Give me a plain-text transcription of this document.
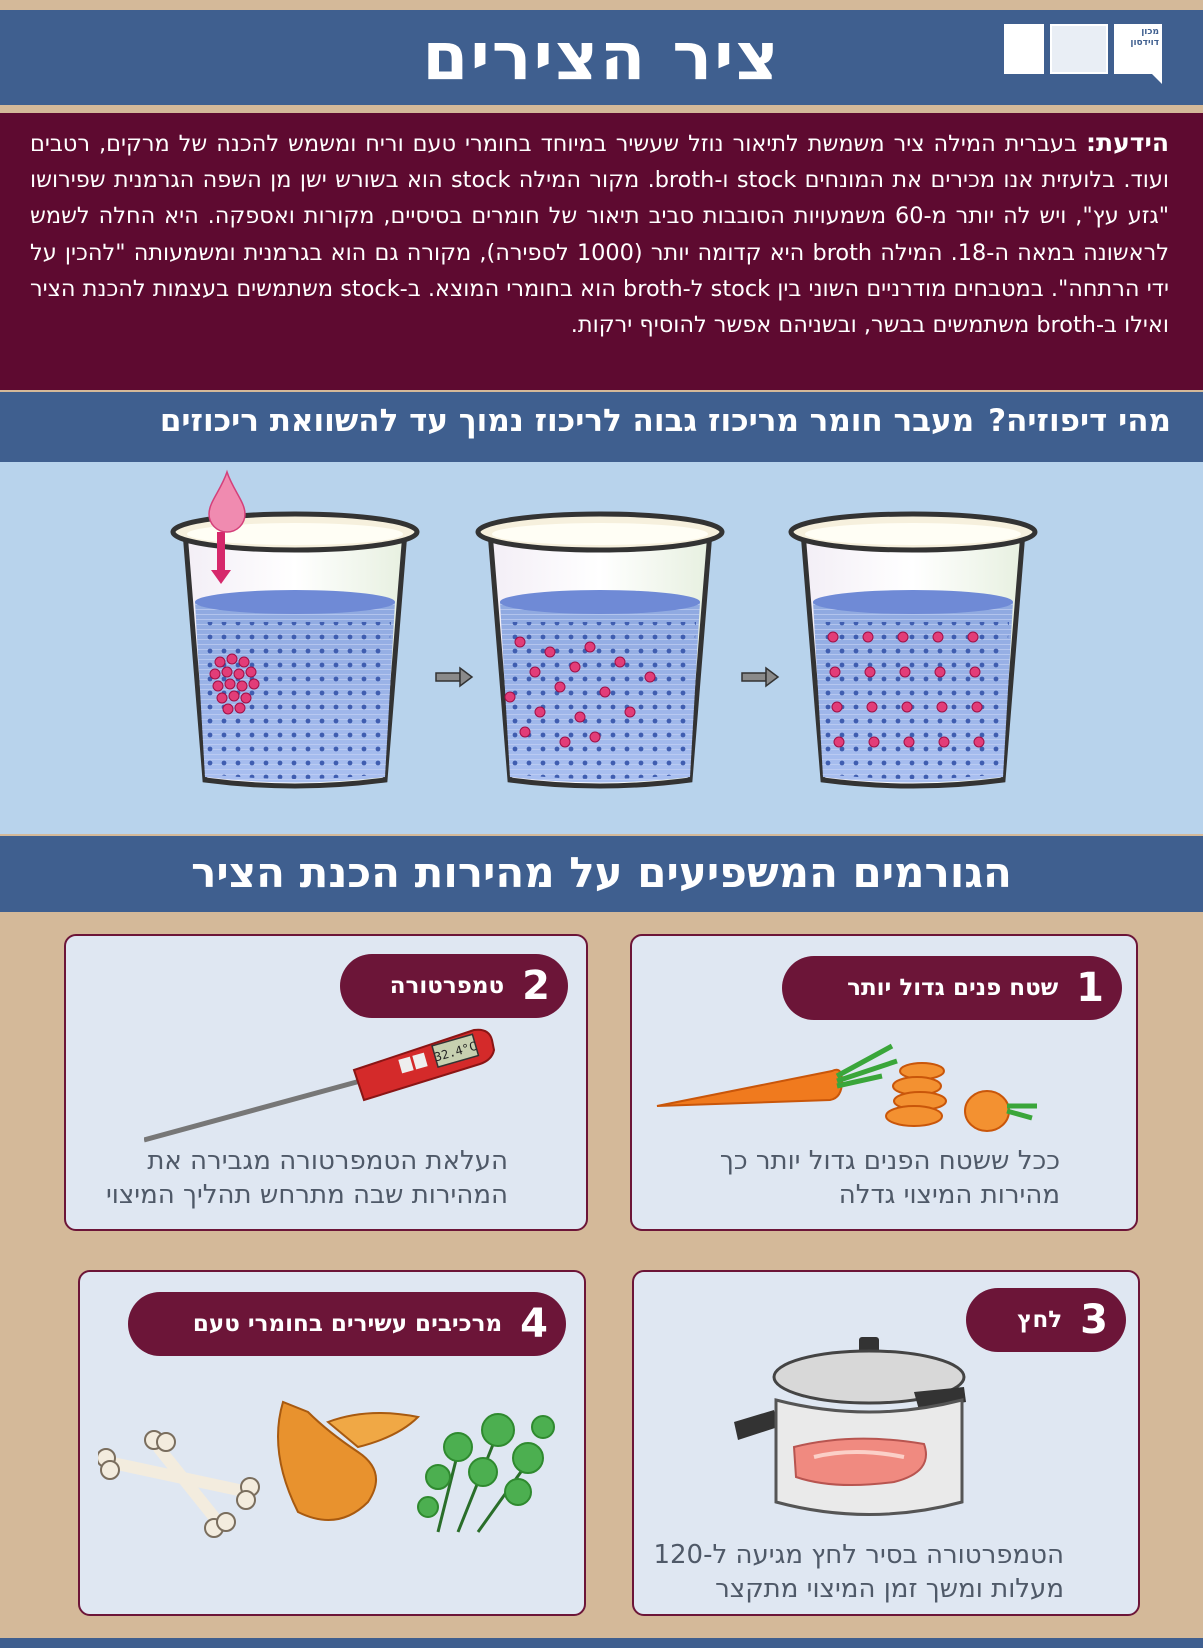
ציר הצירים	מכון דוידסון
הידעת: בעברית המילה ציר משמשת לתיאור נוזל שעשיר במיוחד בחומרי טעם וריח ומשמש להכנה של מרקים, רטבים ועוד. בלועזית אנו מכירים את המונחים stock ו-broth. מקור המילה stock הוא בשורש ישן מן השפה הגרמנית שפירושו "גזע עץ", ויש לה יותר מ-60 משמעויות הסובבות סביב תיאור של חומרים בסיסיים, מקורות ואספקה. היא החלה לשמש לראשונה במאה ה-18. המילה broth היא קדומה יותר (1000 לספירה), מקורה גם הוא בגרמנית ומשמעותה "להכין על ידי הרתחה". במטבחים מודרניים השוני בין stock ל-broth הוא בחומרי המוצא. ב-stock משתמשים בעצמות להכנת הציר ואילו ב-broth משתמשים בבשר, ובשניהם אפשר להוסיף ירקות.
מהי דיפוזיה?מעבר חומר מריכוז גבוה לריכוז נמוך עד להשוואת ריכוזים
הגורמים המשפיעים על מהירות הכנת הציר
1
שטח פנים גדול יותר
ככל ששטח הפנים גדול יותר כך
מהירות המיצוי גדלה
2
טמפרטורה
32.4°C
העלאת הטמפרטורה מגבירה את
המהירות שבה מתרחש תהליך המיצוי
3
לחץ
הטמפרטורה בסיר לחץ מגיעה ל-120
מעלות ומשך זמן המיצוי מתקצר
4
מרכיבים עשירים בחומרי טעם
